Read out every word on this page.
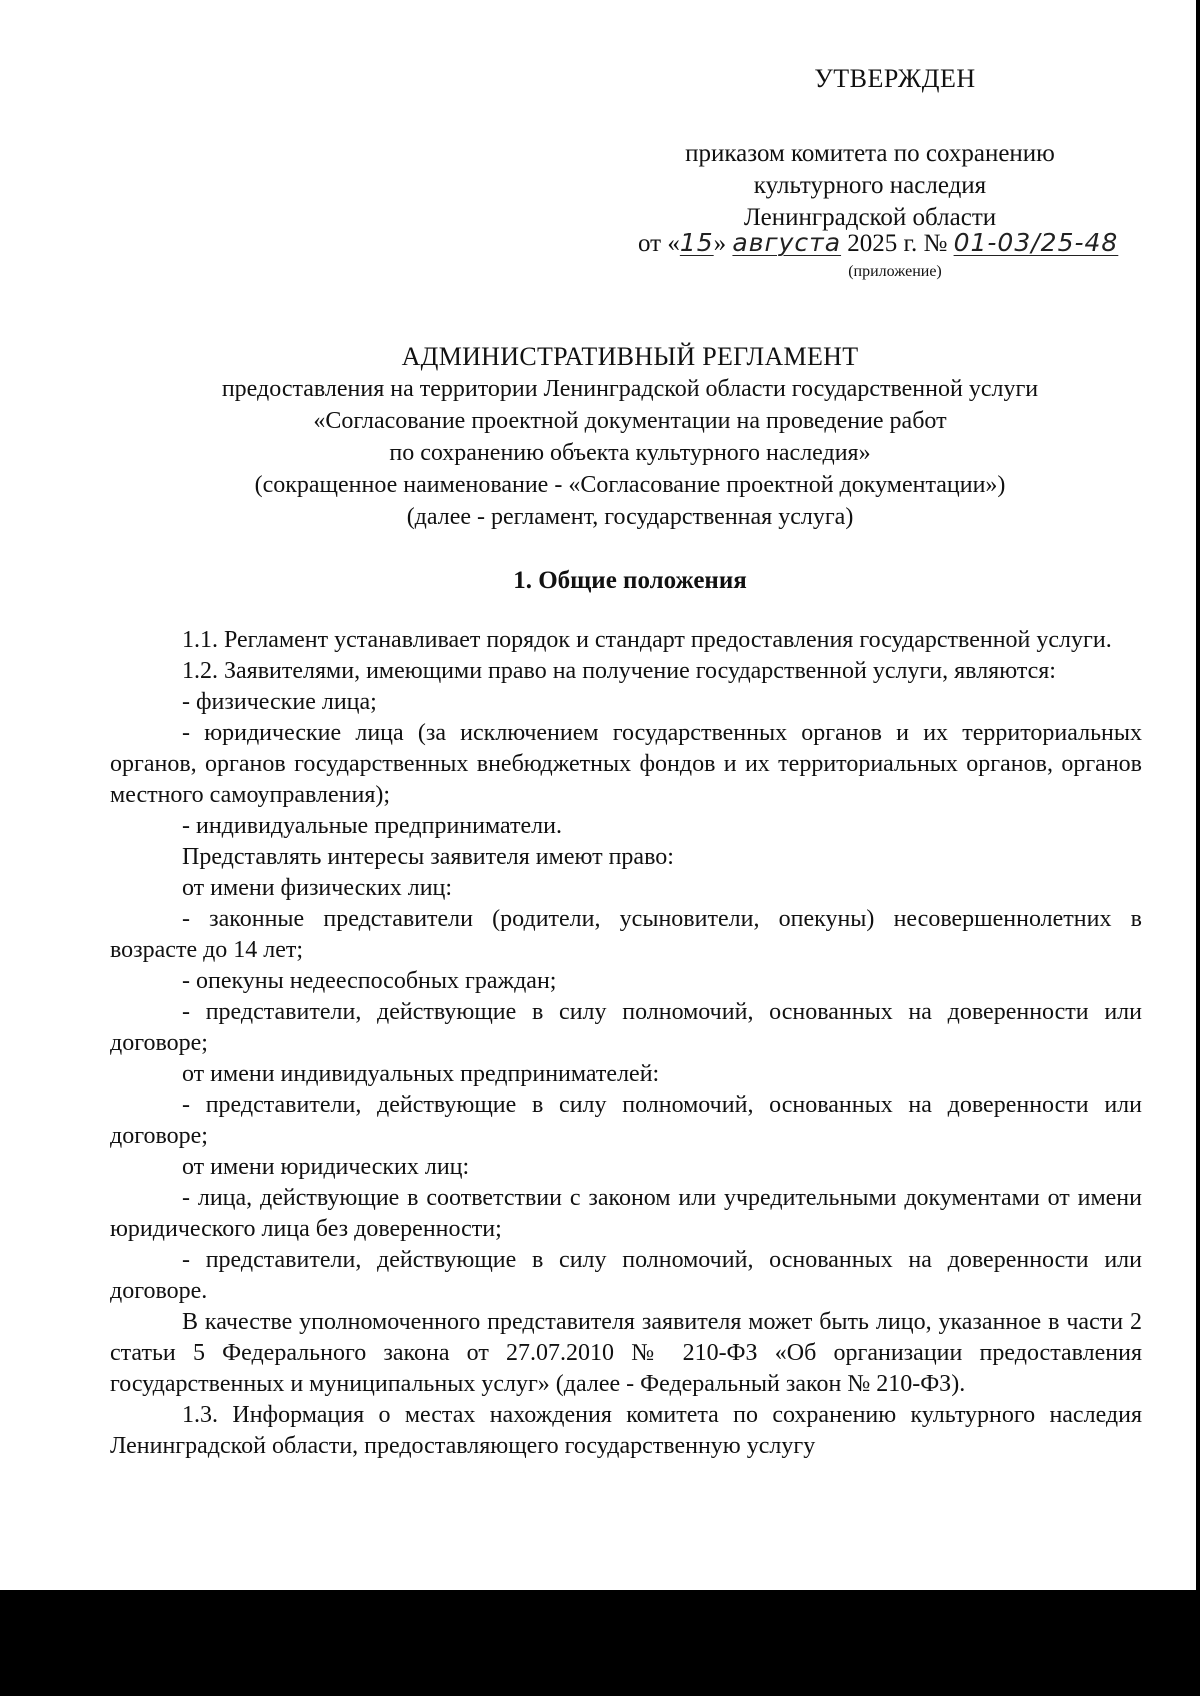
УТВЕРЖДЕН
приказом комитета по сохранению
культурного наследия
Ленинградской области
от «15» августа 2025 г. № 01-03/25-48
(приложение)
АДМИНИСТРАТИВНЫЙ РЕГЛАМЕНТ
предоставления на территории Ленинградской области государственной услуги
«Согласование проектной документации на проведение работ
по сохранению объекта культурного наследия»
(сокращенное наименование - «Согласование проектной документации»)
(далее - регламент, государственная услуга)
1. Общие положения

1.1. Регламент устанавливает порядок и стандарт предоставления государственной услуги.

1.2. Заявителями, имеющими право на получение государственной услуги, являются:

- физические лица;

- юридические лица (за исключением государственных органов и их территориальных органов, органов государственных внебюджетных фондов и их территориальных органов, органов местного самоуправления);

- индивидуальные предприниматели.

Представлять интересы заявителя имеют право:

от имени физических лиц:

- законные представители (родители, усыновители, опекуны) несовершеннолетних в возрасте до 14 лет;

- опекуны недееспособных граждан;

- представители, действующие в силу полномочий, основанных на доверенности или договоре;

от имени индивидуальных предпринимателей:

- представители, действующие в силу полномочий, основанных на доверенности или договоре;

от имени юридических лиц:

- лица, действующие в соответствии с законом или учредительными документами от имени юридического лица без доверенности;

- представители, действующие в силу полномочий, основанных на доверенности или договоре.

В качестве уполномоченного представителя заявителя может быть лицо, указанное в части 2 статьи 5 Федерального закона от 27.07.2010 № 210-ФЗ «Об организации предоставления государственных и муниципальных услуг» (далее - Федеральный закон № 210-ФЗ).

1.3. Информация о местах нахождения комитета по сохранению культурного наследия Ленинградской области, предоставляющего государственную услугу
